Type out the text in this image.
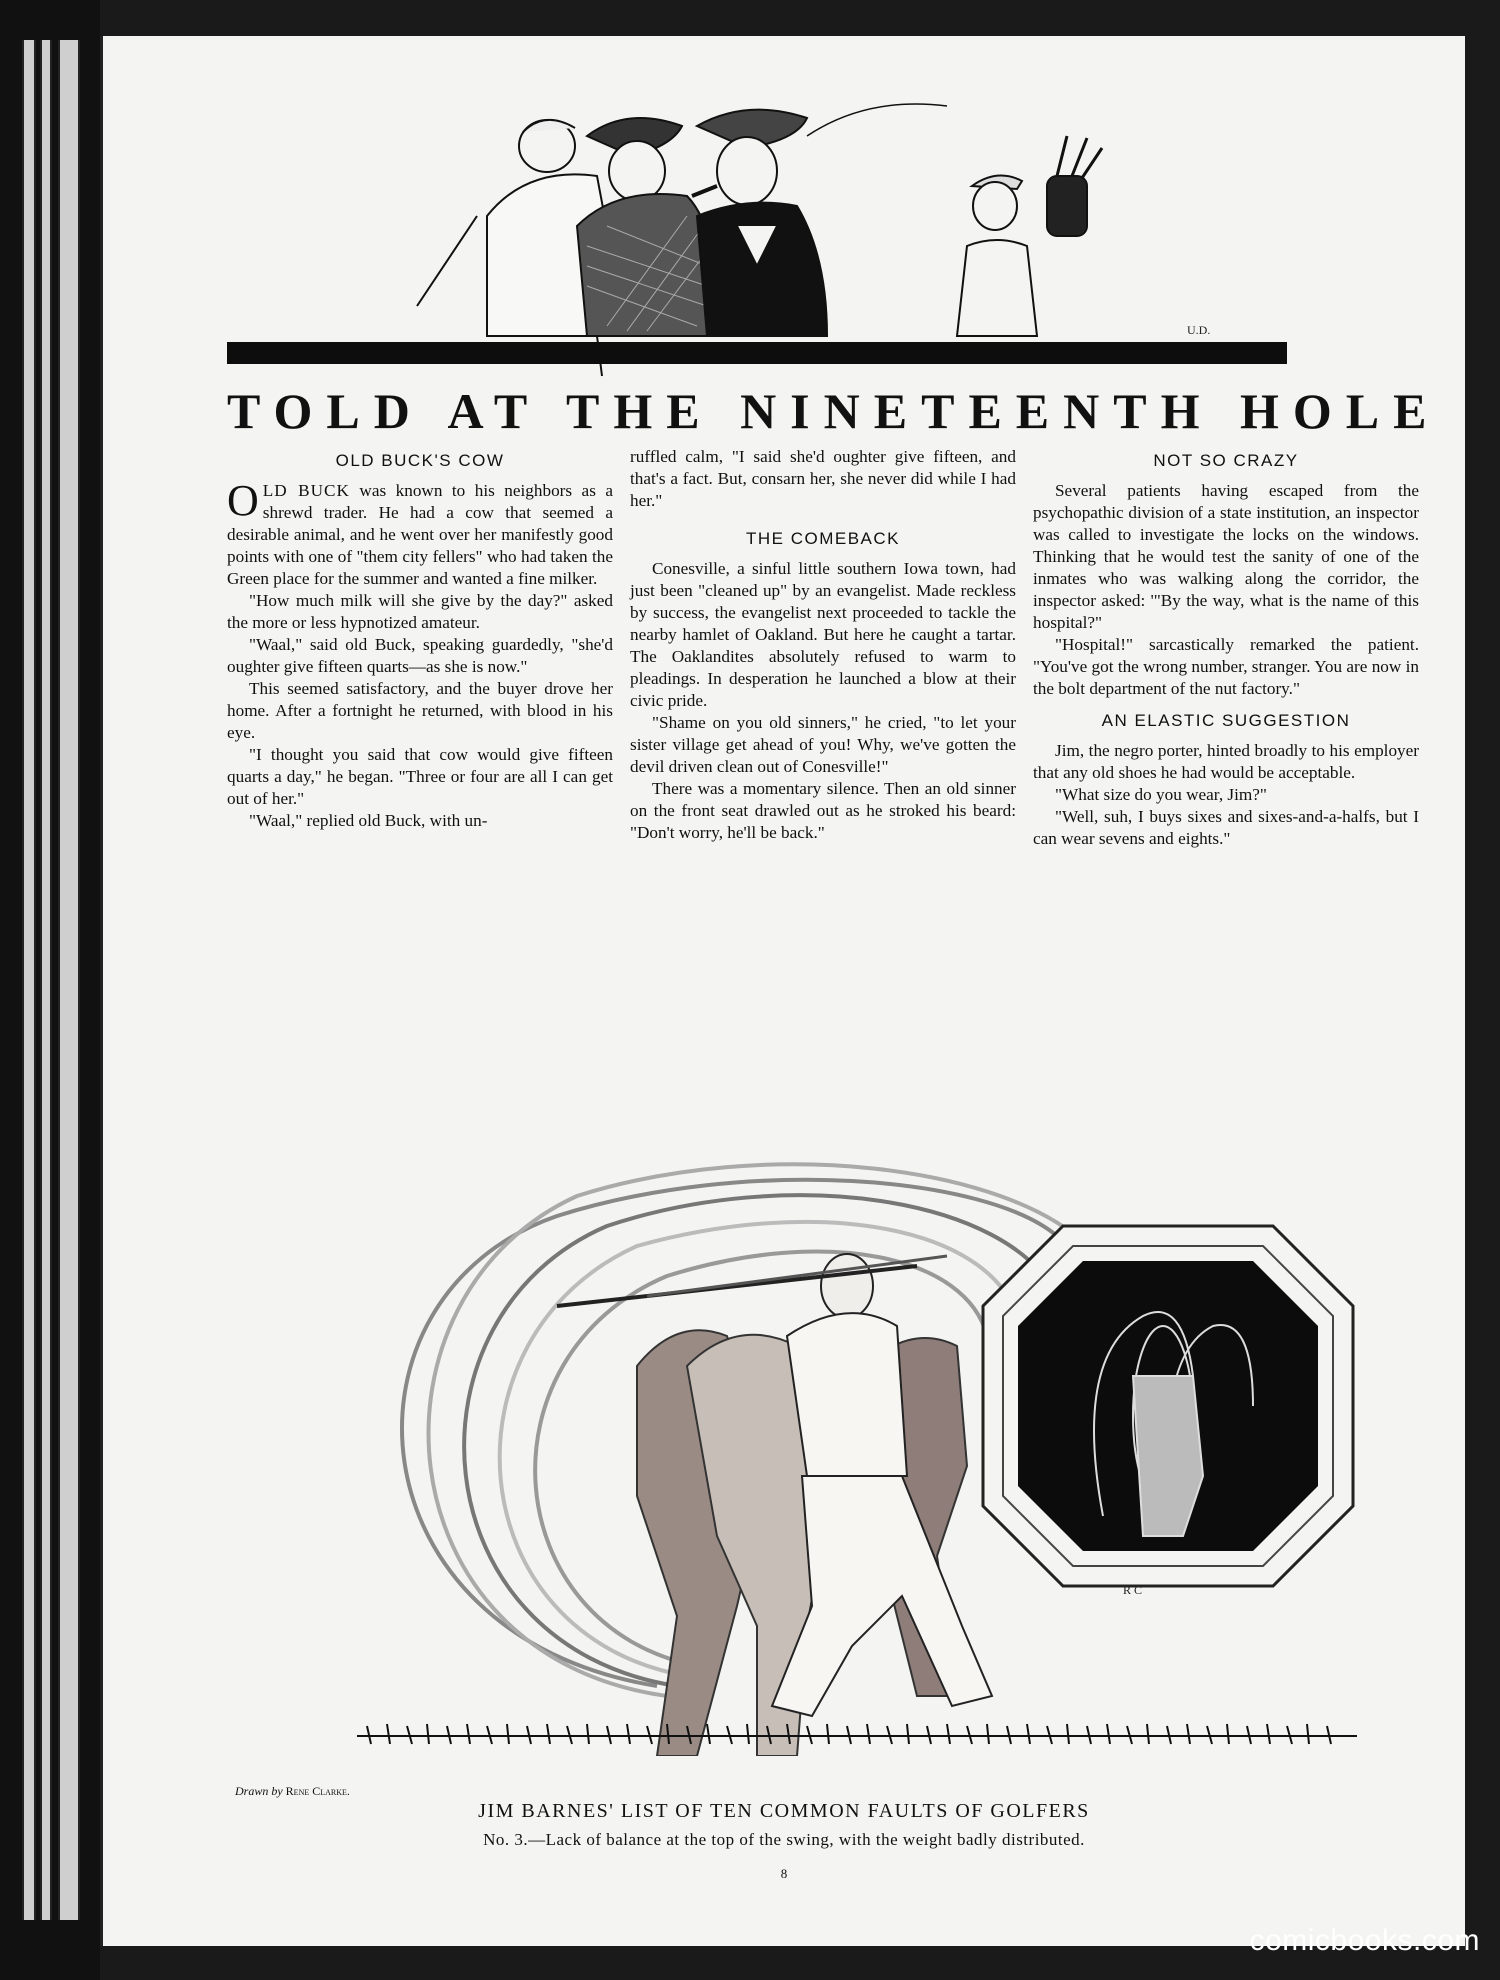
U.D.
TOLD AT THE NINETEENTH HOLE
OLD BUCK'S COW

OLD BUCK was known to his neighbors as a shrewd trader. He had a cow that seemed a desirable animal, and he went over her manifestly good points with one of "them city fellers" who had taken the Green place for the summer and wanted a fine milker.

"How much milk will she give by the day?" asked the more or less hypnotized amateur.

"Waal," said old Buck, speaking guardedly, "she'd oughter give fifteen quarts—as she is now."

This seemed satisfactory, and the buyer drove her home. After a fortnight he returned, with blood in his eye.

"I thought you said that cow would give fifteen quarts a day," he began. "Three or four are all I can get out of her."

"Waal," replied old Buck, with un-

ruffled calm, "I said she'd oughter give fifteen, and that's a fact. But, consarn her, she never did while I had her."

THE COMEBACK

Conesville, a sinful little southern Iowa town, had just been "cleaned up" by an evangelist. Made reckless by success, the evangelist next proceeded to tackle the nearby hamlet of Oakland. But here he caught a tartar. The Oaklandites absolutely refused to warm to pleadings. In desperation he launched a blow at their civic pride.

"Shame on you old sinners," he cried, "to let your sister village get ahead of you! Why, we've gotten the devil driven clean out of Conesville!"

There was a momentary silence. Then an old sinner on the front seat drawled out as he stroked his beard: "Don't worry, he'll be back."

NOT SO CRAZY

Several patients having escaped from the psychopathic division of a state institution, an inspector was called to investigate the locks on the windows. Thinking that he would test the sanity of one of the inmates who was walking along the corridor, the inspector asked: '"By the way, what is the name of this hospital?"

"Hospital!" sarcastically remarked the patient. "You've got the wrong number, stranger. You are now in the bolt department of the nut factory."

AN ELASTIC SUGGESTION

Jim, the negro porter, hinted broadly to his employer that any old shoes he had would be acceptable.

"What size do you wear, Jim?"

"Well, suh, I buys sixes and sixes-and-a-halfs, but I can wear sevens and eights."

R C
Drawn by Rene Clarke.
JIM BARNES' LIST OF TEN COMMON FAULTS OF GOLFERS
No. 3.—Lack of balance at the top of the swing, with the weight badly distributed.
8
comicbooks.com
